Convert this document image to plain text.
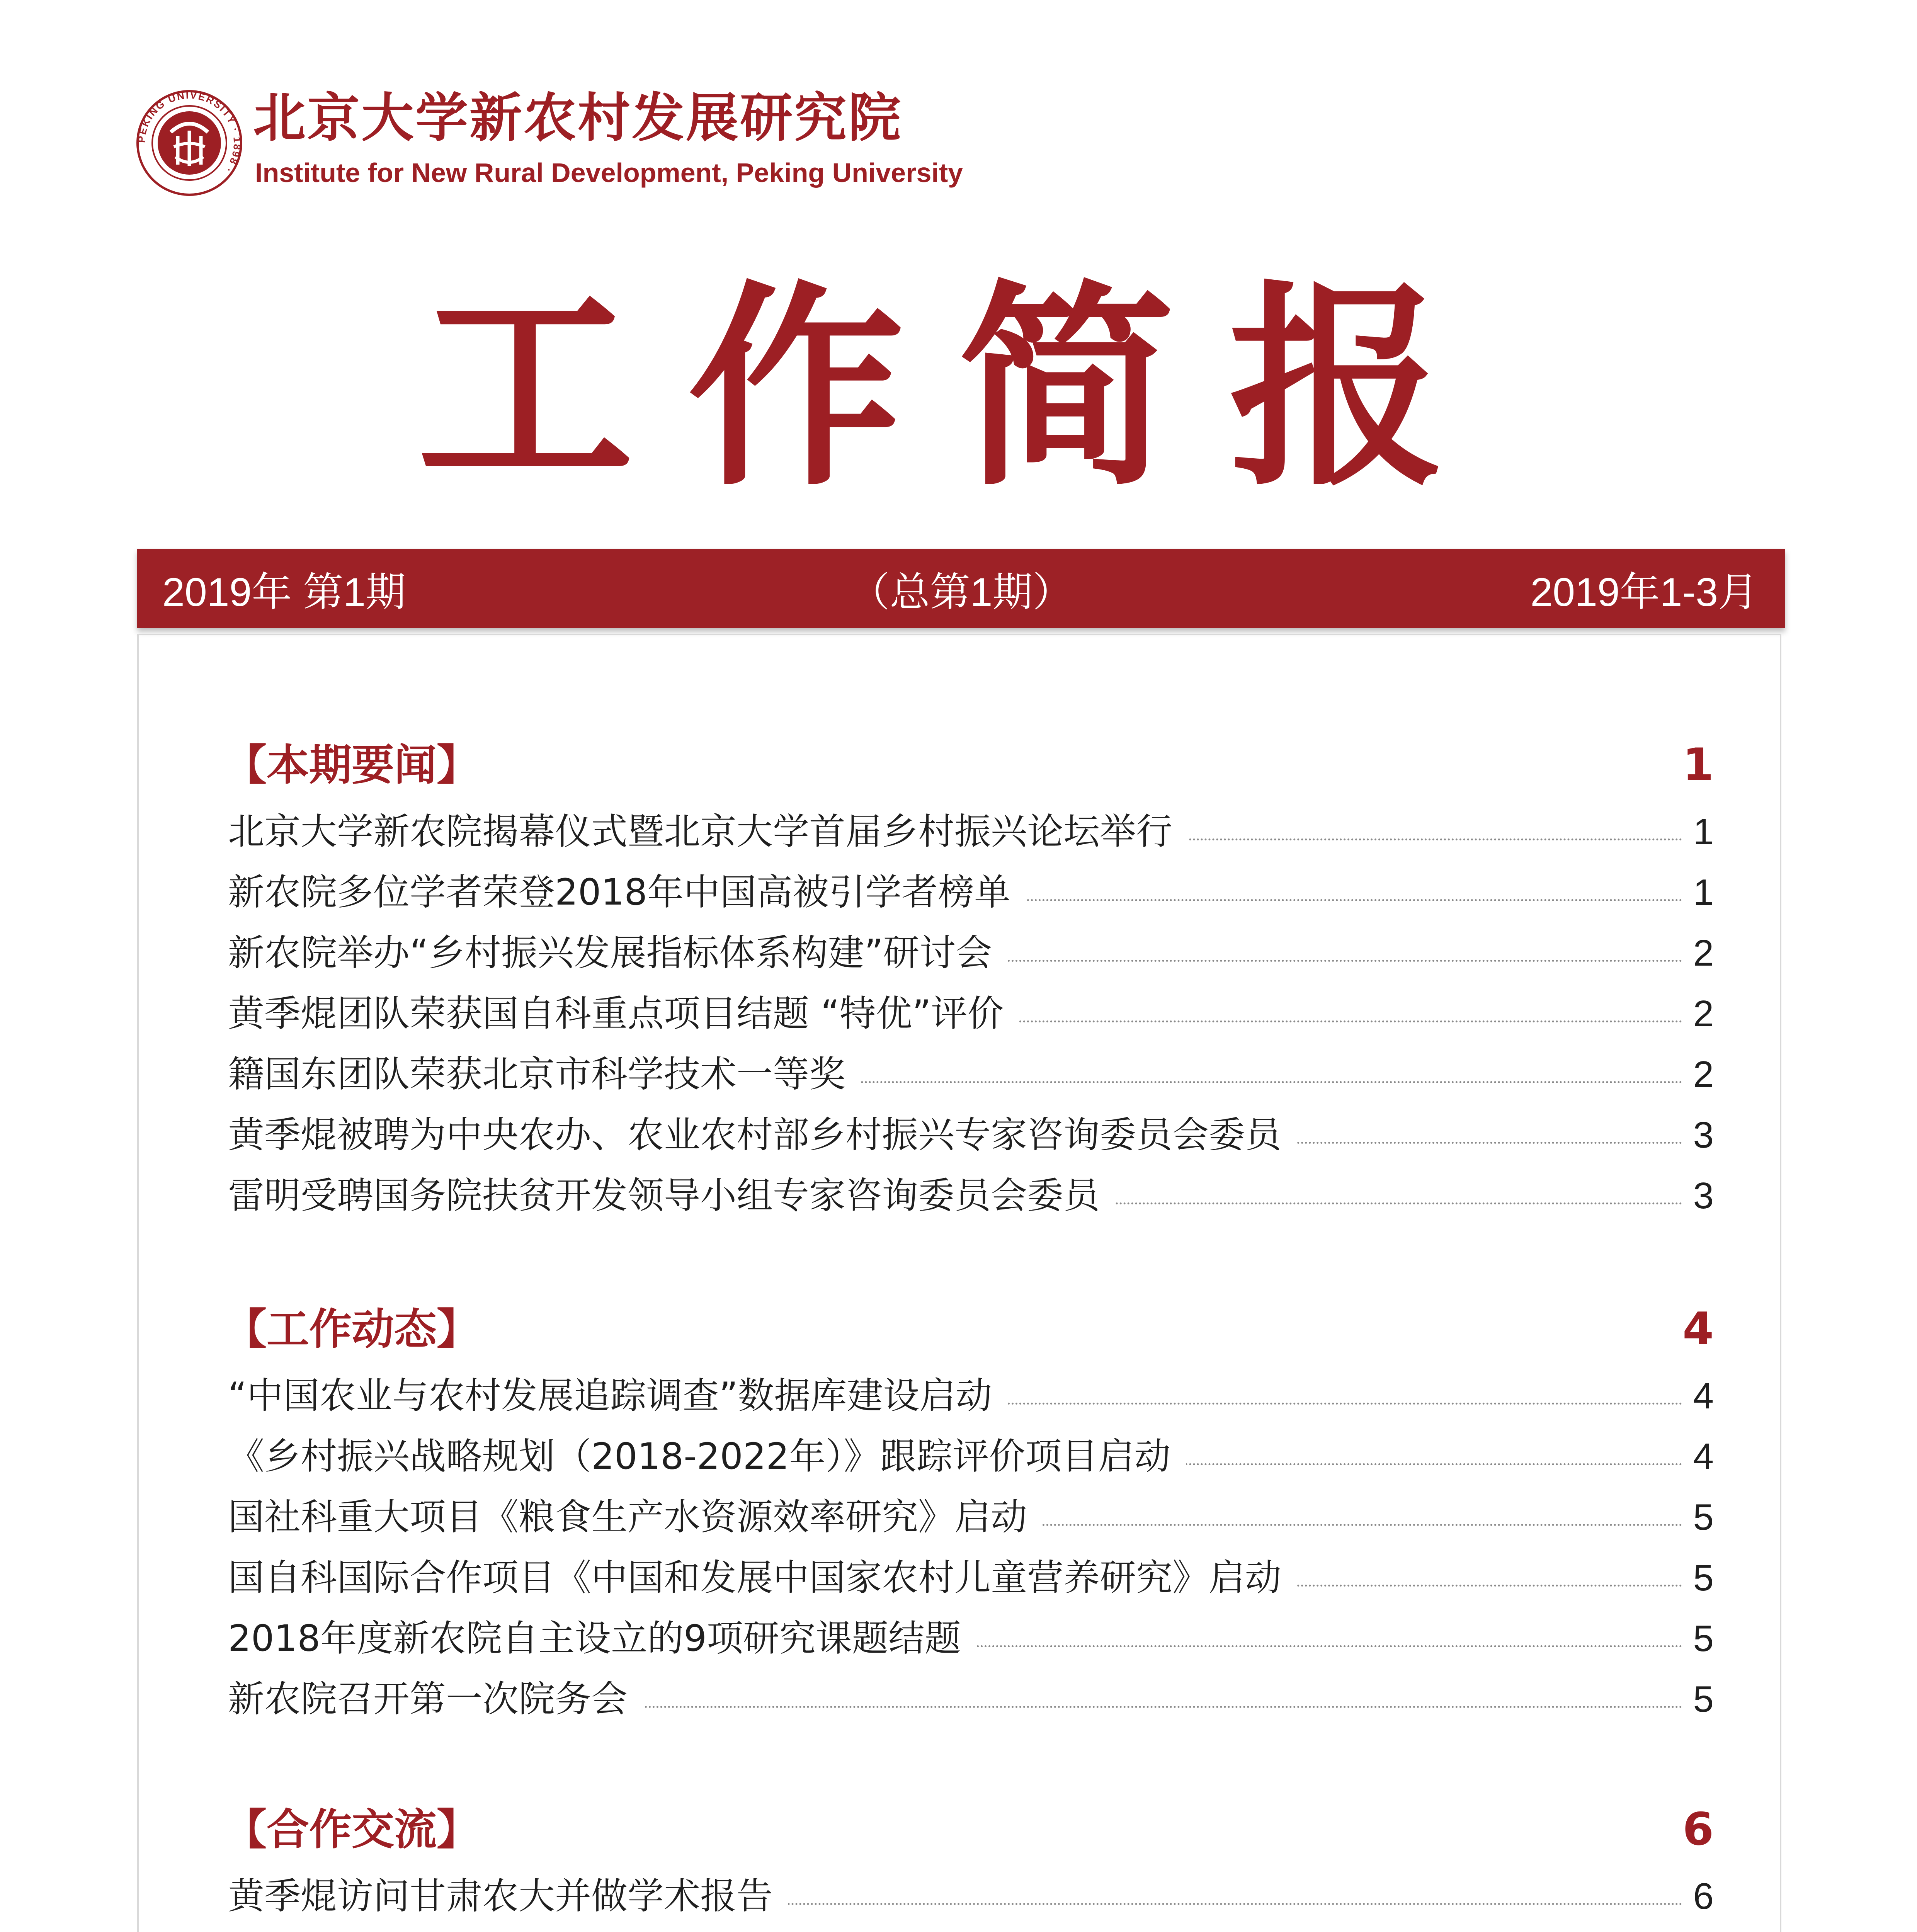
PEKING UNIVERSITY · 1898 ·
北京大学新农村发展研究院
Institute for New Rural Development, Peking University
工作简报
2019年 第1期	（总第1期）	2019年1-3月
【本期要闻】	1
北京大学新农院揭幕仪式暨北京大学首届乡村振兴论坛举行	1
新农院多位学者荣登2018年中国高被引学者榜单	1
新农院举办“乡村振兴发展指标体系构建”研讨会	2
黄季焜团队荣获国自科重点项目结题 “特优”评价	2
籍国东团队荣获北京市科学技术一等奖	2
黄季焜被聘为中央农办、农业农村部乡村振兴专家咨询委员会委员	3
雷明受聘国务院扶贫开发领导小组专家咨询委员会委员	3
【工作动态】	4
“中国农业与农村发展追踪调查”数据库建设启动	4
《乡村振兴战略规划（2018-2022年）》跟踪评价项目启动	4
国社科重大项目《粮食生产水资源效率研究》启动	5
国自科国际合作项目《中国和发展中国家农村儿童营养研究》启动	5
2018年度新农院自主设立的9项研究课题结题	5
新农院召开第一次院务会	5
【合作交流】	6
黄季焜访问甘肃农大并做学术报告	6
